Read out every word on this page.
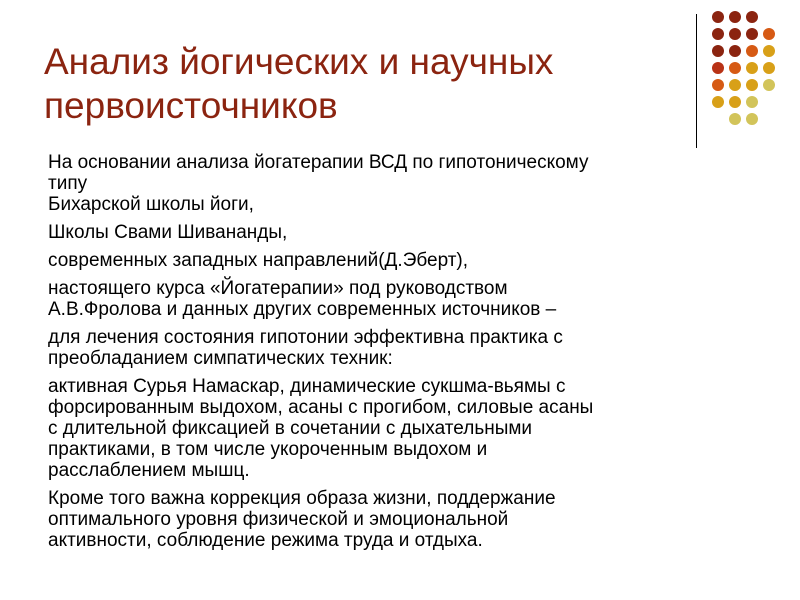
Анализ йогических и научных первоисточников
На основании анализа йогатерапии ВСД по гипотоническому
типу
Бихарской школы йоги,
Школы Свами Шивананды,
современных западных направлений(Д.Эберт),
настоящего курса «Йогатерапии» под руководством
А.В.Фролова и данных других современных источников –
для лечения состояния гипотонии эффективна практика с
преобладанием симпатических техник:
активная Сурья Намаскар, динамические сукшма-вьямы с
форсированным выдохом, асаны с прогибом, силовые асаны
с длительной фиксацией в сочетании с дыхательными
практиками, в том числе укороченным выдохом и
расслаблением мышц.
Кроме того важна коррекция образа жизни, поддержание
оптимального уровня физической и эмоциональной
активности, соблюдение режима труда и отдыха.
